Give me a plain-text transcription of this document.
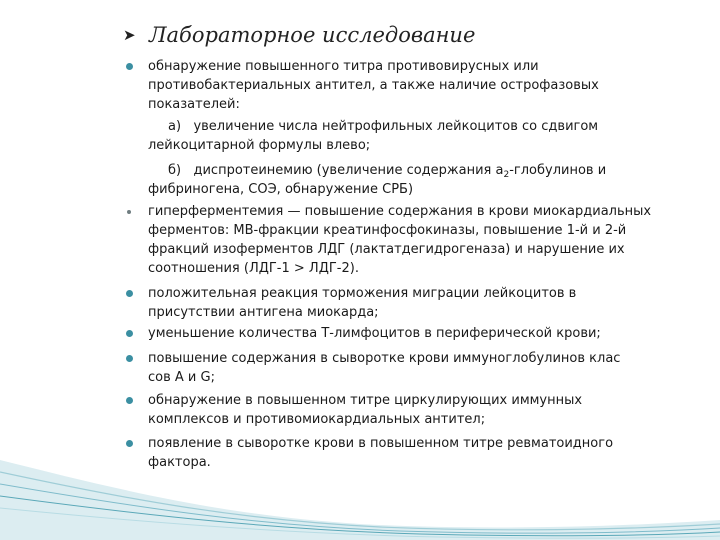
➤ Лабораторное исследование
обнаружение повышенного титра противовирусных или
противобактериальных антител, а также наличие острофазовых
показателей:
а) увеличение числа нейтрофильных лейкоцитов со сдвигом
лейкоцитарной формулы влево;
б) диспротеинемию (увеличение содержания $а_2$-глобулинов и
фибриногена, СОЭ, обнаружение СРБ)
гиперферментемия — повышение содержания в крови миокардиальных
ферментов: МВ-фракции креатинфосфокиназы, повышение 1-й и 2-й
фракций изоферментов ЛДГ (лактатдегидрогеназа) и нарушение их
соотношения (ЛДГ-1 > ЛДГ-2).
положительная реакция торможения миграции лейкоцитов в
присутствии антигена миокарда;
уменьшение количества Т-лимфоцитов в периферической крови;
повышение содержания в сыворотке крови иммуноглобулинов клас
сов А и G;
обнаружение в повышенном титре циркулирующих иммунных
комплексов и противомиокардиальных антител;
появление в сыворотке крови в повышенном титре ревматоидного
фактора.
